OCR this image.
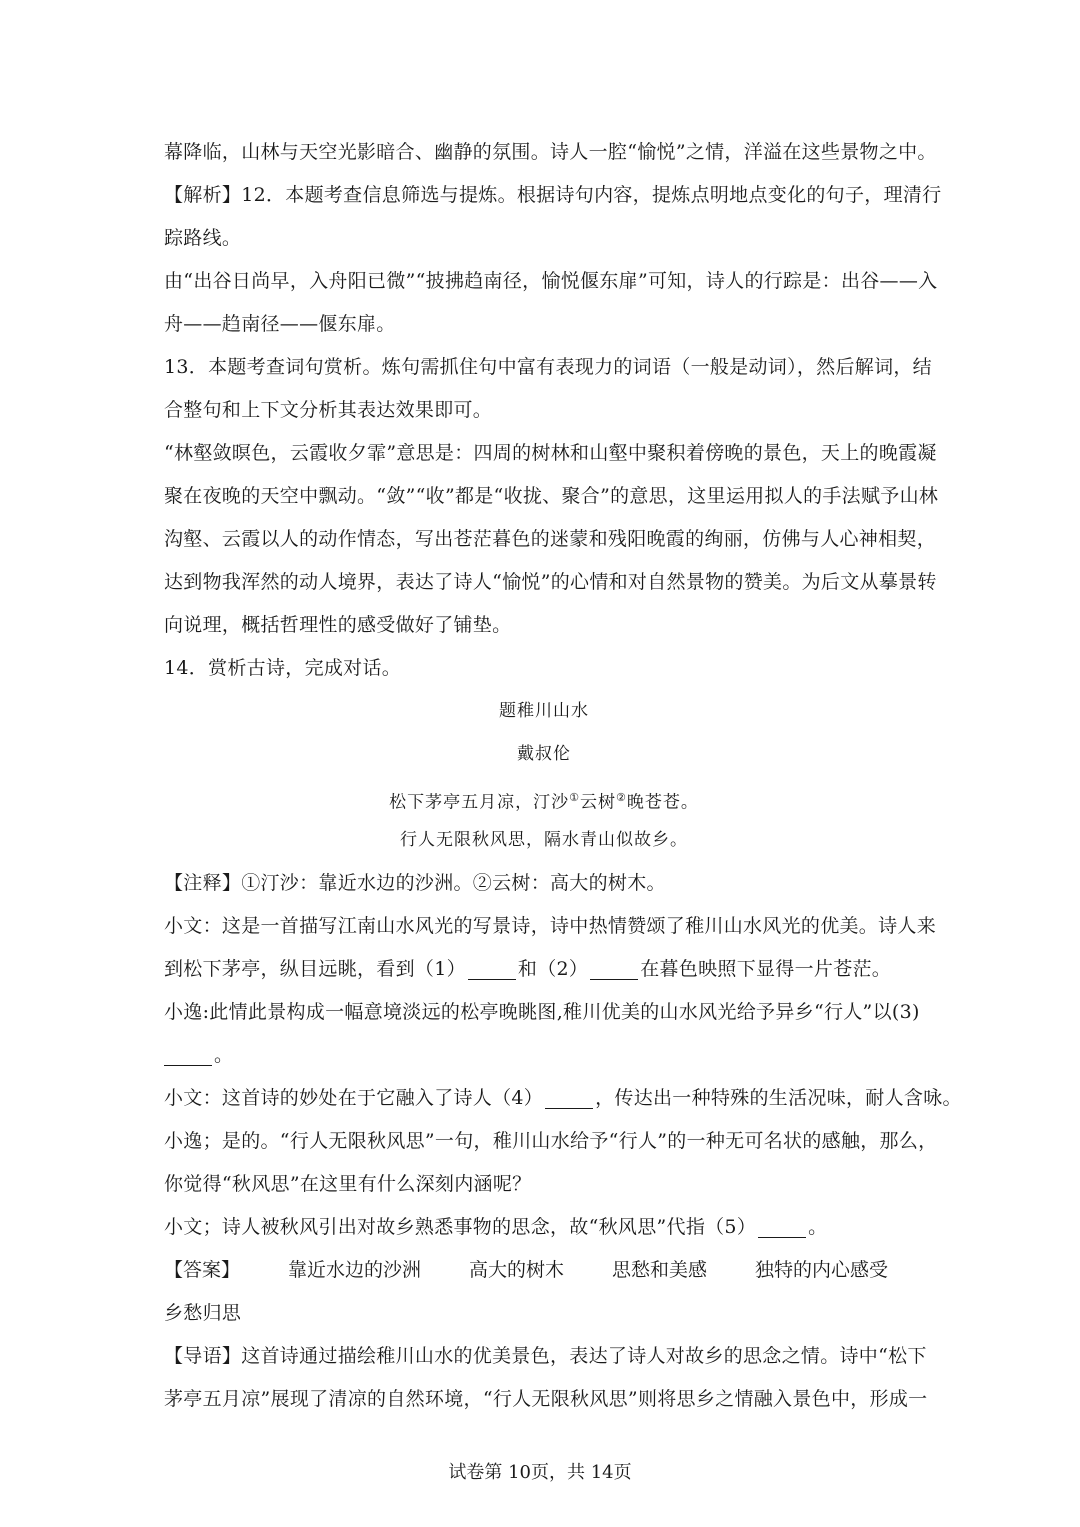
幕降临，山林与天空光影暗合、幽静的氛围。诗人一腔“愉悦”之情，洋溢在这些景物之中。
【解析】12．本题考查信息筛选与提炼。根据诗句内容，提炼点明地点变化的句子，理清行
踪路线。
由“出谷日尚早，入舟阳已微”“披拂趋南径，愉悦偃东扉”可知，诗人的行踪是：出谷——入
舟——趋南径——偃东扉。
13．本题考查词句赏析。炼句需抓住句中富有表现力的词语（一般是动词），然后解词，结
合整句和上下文分析其表达效果即可。
“林壑敛暝色，云霞收夕霏”意思是：四周的树林和山壑中聚积着傍晚的景色，天上的晚霞凝
聚在夜晚的天空中飘动。“敛”“收”都是“收拢、聚合”的意思，这里运用拟人的手法赋予山林
沟壑、云霞以人的动作情态，写出苍茫暮色的迷蒙和残阳晚霞的绚丽，仿佛与人心神相契，
达到物我浑然的动人境界，表达了诗人“愉悦”的心情和对自然景物的赞美。为后文从摹景转
向说理，概括哲理性的感受做好了铺垫。
14．赏析古诗，完成对话。
题稚川山水
戴叔伦
松下茅亭五月凉，汀沙①云树②晚苍苍。
行人无限秋风思，隔水青山似故乡。
【注释】①汀沙：靠近水边的沙洲。②云树：高大的树木。
小文：这是一首描写江南山水风光的写景诗，诗中热情赞颂了稚川山水风光的优美。诗人来
到松下茅亭，纵目远眺，看到（1）	和（2）	在暮色映照下显得一片苍茫。
小逸:此情此景构成一幅意境淡远的松亭晚眺图,稚川优美的山水风光给予异乡“行人”以(3)
。
小文：这首诗的妙处在于它融入了诗人（4）	，传达出一种特殊的生活况味，耐人含咏。
小逸；是的。“行人无限秋风思”一句，稚川山水给予“行人”的一种无可名状的感触，那么，
你觉得“秋风思”在这里有什么深刻内涵呢？
小文；诗人被秋风引出对故乡熟悉事物的思念，故“秋风思”代指（5）	。
【答案】	靠近水边的沙洲	高大的树木	思愁和美感	独特的内心感受
乡愁归思
【导语】这首诗通过描绘稚川山水的优美景色，表达了诗人对故乡的思念之情。诗中“松下
茅亭五月凉”展现了清凉的自然环境，“行人无限秋风思”则将思乡之情融入景色中，形成一
试卷第 10页，共 14页
